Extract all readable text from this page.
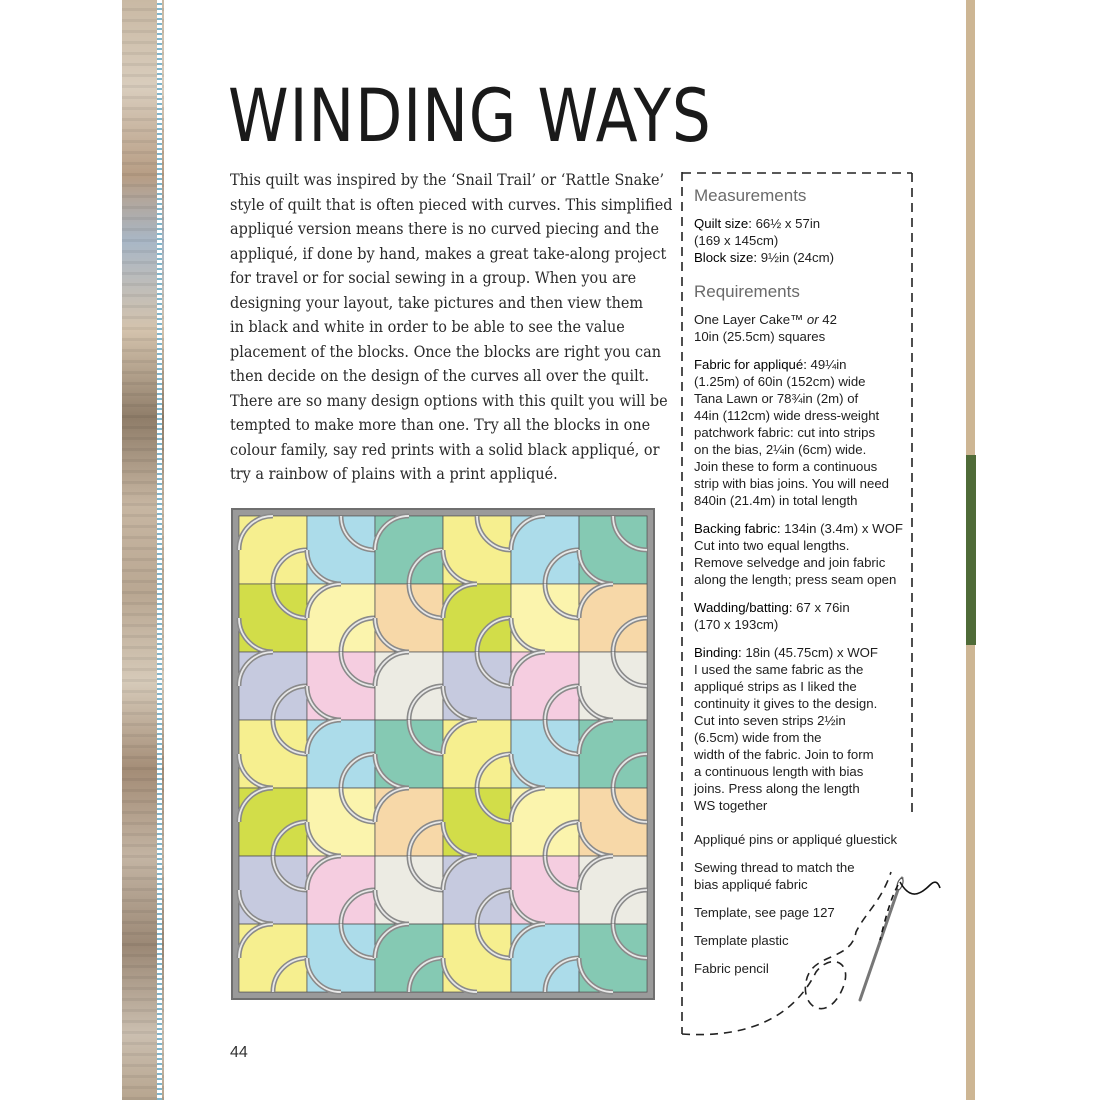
WINDING WAYS
This quilt was inspired by the ‘Snail Trail’ or ‘Rattle Snake’
style of quilt that is often pieced with curves. This simplified
appliqué version means there is no curved piecing and the
appliqué, if done by hand, makes a great take-along project
for travel or for social sewing in a group. When you are
designing your layout, take pictures and then view them
in black and white in order to be able to see the value
placement of the blocks. Once the blocks are right you can
then decide on the design of the curves all over the quilt.
There are so many design options with this quilt you will be
tempted to make more than one. Try all the blocks in one
colour family, say red prints with a solid black appliqué, or
try a rainbow of plains with a print appliqué.
Measurements
Quilt size: 66½ x 57in
(169 x 145cm)
Block size: 9½in (24cm)
Requirements
One Layer Cake™ or 42
10in (25.5cm) squares
Fabric for appliqué: 49¼in
(1.25m) of 60in (152cm) wide
Tana Lawn or 78¾in (2m) of
44in (112cm) wide dress-weight
patchwork fabric: cut into strips
on the bias, 2¼in (6cm) wide.
Join these to form a continuous
strip with bias joins. You will need
840in (21.4m) in total length
Backing fabric: 134in (3.4m) x WOF
Cut into two equal lengths.
Remove selvedge and join fabric
along the length; press seam open
Wadding/batting: 67 x 76in
(170 x 193cm)
Binding: 18in (45.75cm) x WOF
I used the same fabric as the
appliqué strips as I liked the
continuity it gives to the design.
Cut into seven strips 2½in
(6.5cm) wide from the
width of the fabric. Join to form
a continuous length with bias
joins. Press along the length
WS together
Appliqué pins or appliqué gluestick
Sewing thread to match the
bias appliqué fabric
Template, see page 127
Template plastic
Fabric pencil
44
